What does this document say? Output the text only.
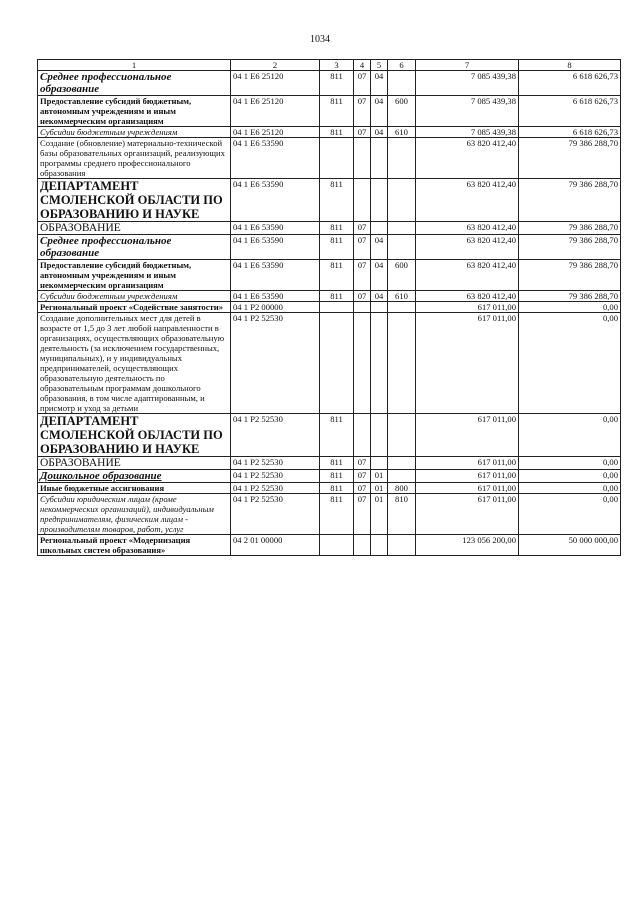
1034
1	2	3	4	5	6	7	8
Среднее профессиональное образование	04 1 E6 25120	811	07	04		7 085 439,38	6 618 626,73
Предоставление субсидий бюджетным, автономным учреждениям и иным некоммерческим организациям	04 1 E6 25120	811	07	04	600	7 085 439,38	6 618 626,73
Субсидии бюджетным учреждениям	04 1 E6 25120	811	07	04	610	7 085 439,38	6 618 626,73
Создание (обновление) материально-технической базы образовательных организаций, реализующих программы среднего профессионального образования	04 1 E6 53590					63 820 412,40	79 386 288,70
ДЕПАРТАМЕНТ СМОЛЕНСКОЙ ОБЛАСТИ ПО ОБРАЗОВАНИЮ И НАУКЕ	04 1 E6 53590	811				63 820 412,40	79 386 288,70
ОБРАЗОВАНИЕ	04 1 E6 53590	811	07			63 820 412,40	79 386 288,70
Среднее профессиональное образование	04 1 E6 53590	811	07	04		63 820 412,40	79 386 288,70
Предоставление субсидий бюджетным, автономным учреждениям и иным некоммерческим организациям	04 1 E6 53590	811	07	04	600	63 820 412,40	79 386 288,70
Субсидии бюджетным учреждениям	04 1 E6 53590	811	07	04	610	63 820 412,40	79 386 288,70
Региональный проект «Содействие занятости»	04 1 P2 00000					617 011,00	0,00
Создание дополнительных мест для детей в возрасте от 1,5 до 3 лет любой направленности в организациях, осуществляющих образовательную деятельность (за исключением государственных, муниципальных), и у индивидуальных предпринимателей, осуществляющих образовательную деятельность по образовательным программам дошкольного образования, в том числе адаптированным, и присмотр и уход за детьми	04 1 P2 52530					617 011,00	0,00
ДЕПАРТАМЕНТ СМОЛЕНСКОЙ ОБЛАСТИ ПО ОБРАЗОВАНИЮ И НАУКЕ	04 1 P2 52530	811				617 011,00	0,00
ОБРАЗОВАНИЕ	04 1 P2 52530	811	07			617 011,00	0,00
Дошкольное образование	04 1 P2 52530	811	07	01		617 011,00	0,00
Иные бюджетные ассигнования	04 1 P2 52530	811	07	01	800	617 011,00	0,00
Субсидии юридическим лицам (кроме некоммерческих организаций), индивидуальным предпринимателям, физическим лицам - производителям товаров, работ, услуг	04 1 P2 52530	811	07	01	810	617 011,00	0,00
Региональный проект «Модернизация школьных систем образования»	04 2 01 00000					123 056 200,00	50 000 000,00
